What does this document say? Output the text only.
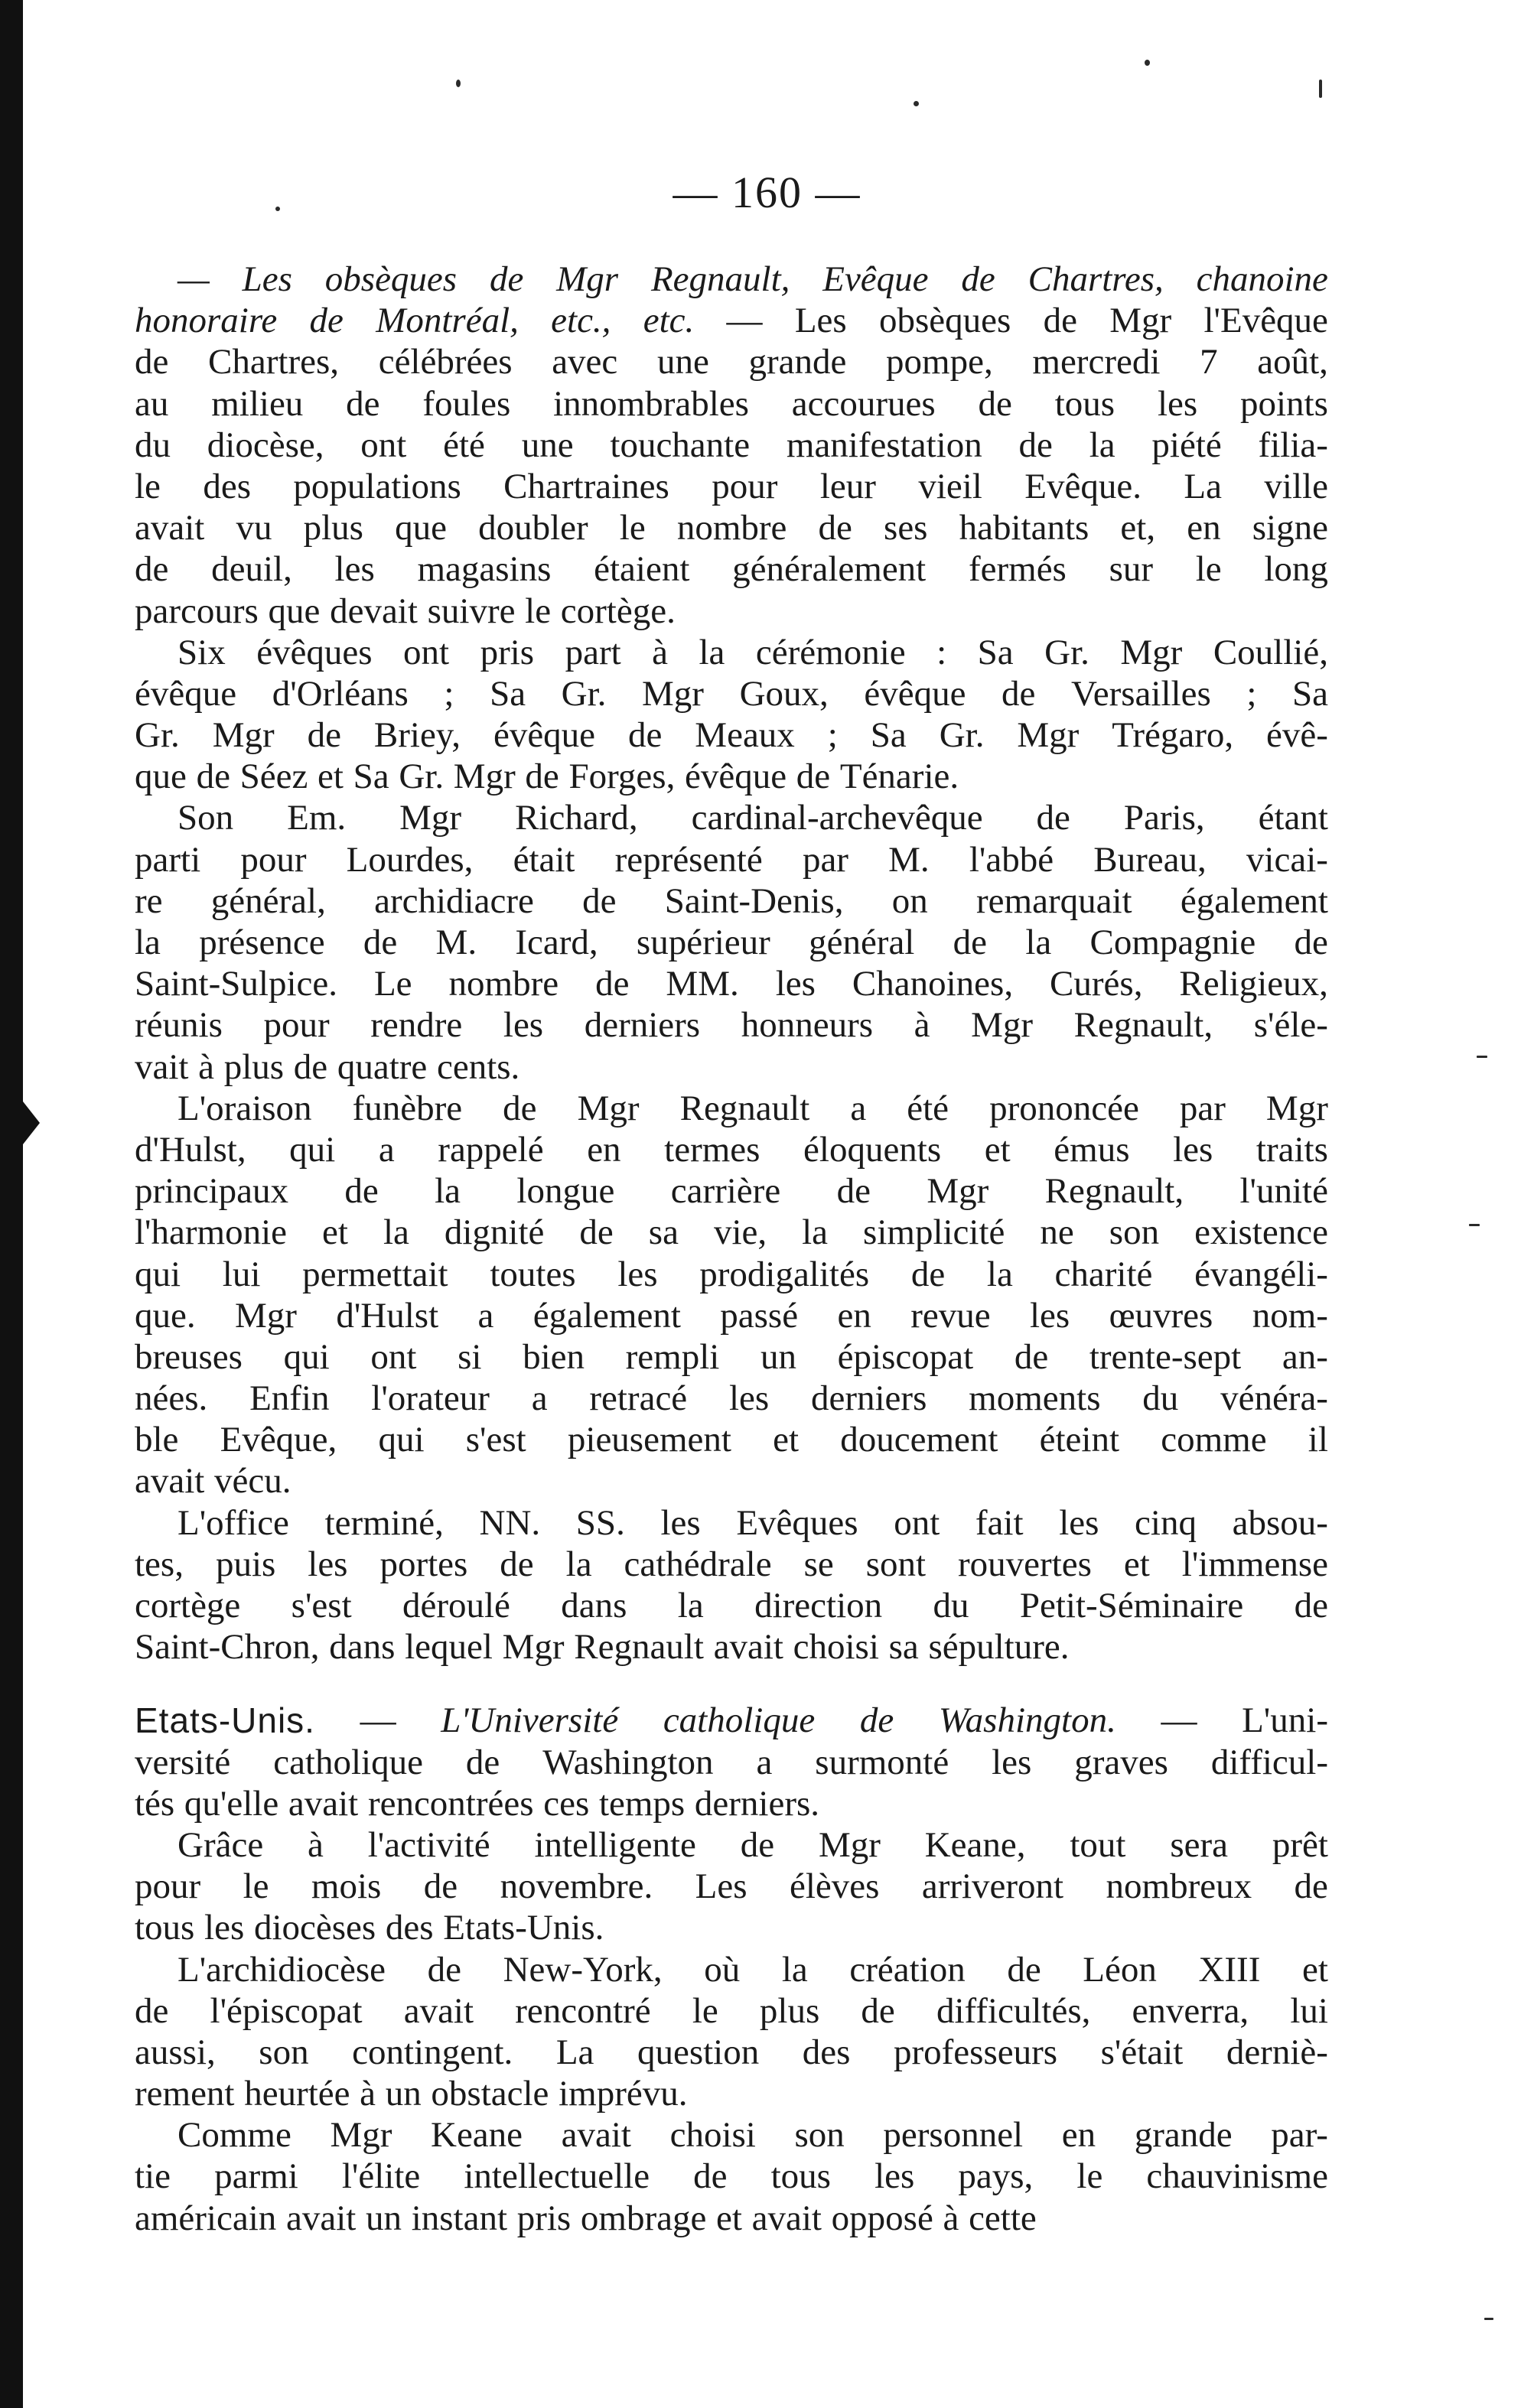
— 160 —
— Les obsèques de Mgr Regnault, Evêque de Chartres, chanoine
honoraire de Montréal, etc., etc. — Les obsèques de Mgr l'Evêque
de Chartres, célébrées avec une grande pompe, mercredi 7 août,
au milieu de foules innombrables accourues de tous les points
du diocèse, ont été une touchante manifestation de la piété filia-
le des populations Chartraines pour leur vieil Evêque. La ville
avait vu plus que doubler le nombre de ses habitants et, en signe
de deuil, les magasins étaient généralement fermés sur le long
parcours que devait suivre le cortège.
Six évêques ont pris part à la cérémonie : Sa Gr. Mgr Coullié,
évêque d'Orléans ; Sa Gr. Mgr Goux, évêque de Versailles ; Sa
Gr. Mgr de Briey, évêque de Meaux ; Sa Gr. Mgr Trégaro, évê-
que de Séez et Sa Gr. Mgr de Forges, évêque de Ténarie.
Son Em. Mgr Richard, cardinal-archevêque de Paris, étant
parti pour Lourdes, était représenté par M. l'abbé Bureau, vicai-
re général, archidiacre de Saint-Denis, on remarquait également
la présence de M. Icard, supérieur général de la Compagnie de
Saint-Sulpice. Le nombre de MM. les Chanoines, Curés, Religieux,
réunis pour rendre les derniers honneurs à Mgr Regnault, s'éle-
vait à plus de quatre cents.
L'oraison funèbre de Mgr Regnault a été prononcée par Mgr
d'Hulst, qui a rappelé en termes éloquents et émus les traits
principaux de la longue carrière de Mgr Regnault, l'unité
l'harmonie et la dignité de sa vie, la simplicité ne son existence
qui lui permettait toutes les prodigalités de la charité évangéli-
que. Mgr d'Hulst a également passé en revue les œuvres nom-
breuses qui ont si bien rempli un épiscopat de trente-sept an-
nées. Enfin l'orateur a retracé les derniers moments du vénéra-
ble Evêque, qui s'est pieusement et doucement éteint comme il
avait vécu.
L'office terminé, NN. SS. les Evêques ont fait les cinq absou-
tes, puis les portes de la cathédrale se sont rouvertes et l'immense
cortège s'est déroulé dans la direction du Petit-Séminaire de
Saint-Chron, dans lequel Mgr Regnault avait choisi sa sépulture.
Etats-Unis. — L'Université catholique de Washington. — L'uni-
versité catholique de Washington a surmonté les graves difficul-
tés qu'elle avait rencontrées ces temps derniers.
Grâce à l'activité intelligente de Mgr Keane, tout sera prêt
pour le mois de novembre. Les élèves arriveront nombreux de
tous les diocèses des Etats-Unis.
L'archidiocèse de New-York, où la création de Léon XIII et
de l'épiscopat avait rencontré le plus de difficultés, enverra, lui
aussi, son contingent. La question des professeurs s'était derniè-
rement heurtée à un obstacle imprévu.
Comme Mgr Keane avait choisi son personnel en grande par-
tie parmi l'élite intellectuelle de tous les pays, le chauvinisme
américain avait un instant pris ombrage et avait opposé à cette
